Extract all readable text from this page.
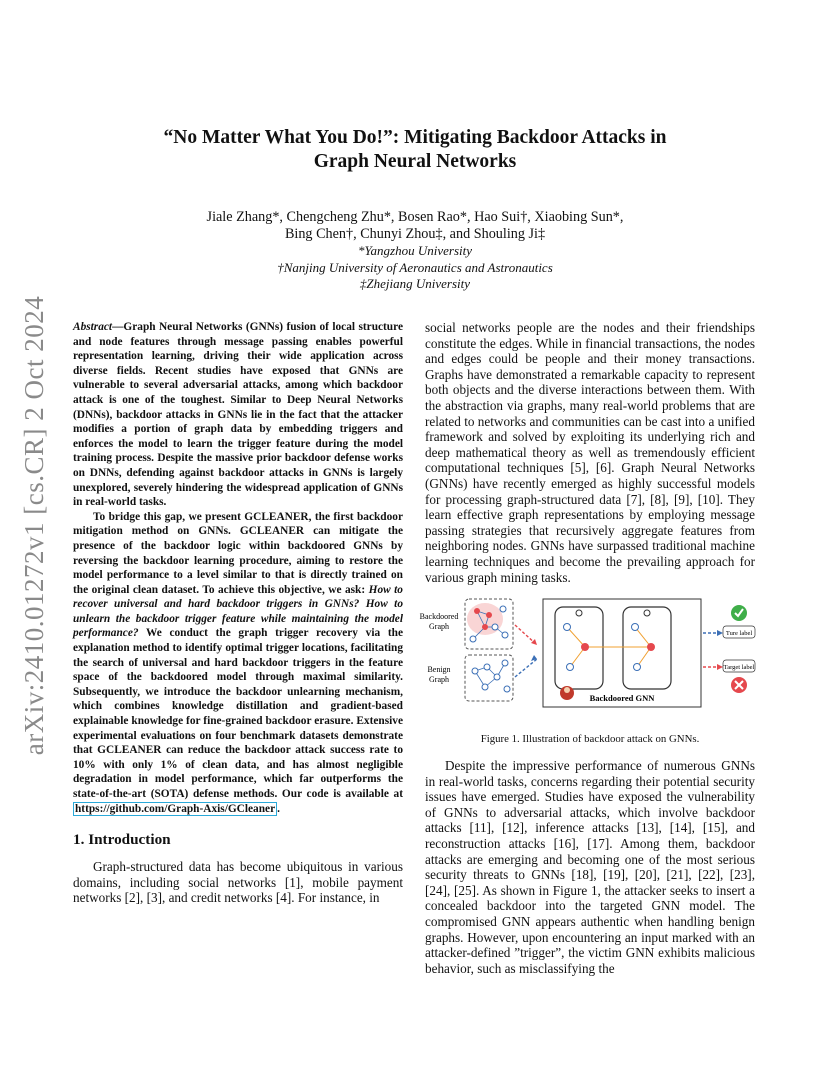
arXiv:2410.01272v1 [cs.CR] 2 Oct 2024
“No Matter What You Do!”: Mitigating Backdoor Attacks in
Graph Neural Networks
Jiale Zhang*, Chengcheng Zhu*, Bosen Rao*, Hao Sui†, Xiaobing Sun*,
Bing Chen†, Chunyi Zhou‡, and Shouling Ji‡
*Yangzhou University
†Nanjing University of Aeronautics and Astronautics
‡Zhejiang University

Abstract—Graph Neural Networks (GNNs) fusion of local structure and node features through message passing enables powerful representation learning, driving their wide application across diverse fields. Recent studies have exposed that GNNs are vulnerable to several adversarial attacks, among which backdoor attack is one of the toughest. Similar to Deep Neural Networks (DNNs), backdoor attacks in GNNs lie in the fact that the attacker modifies a portion of graph data by embedding triggers and enforces the model to learn the trigger feature during the model training process. Despite the massive prior backdoor defense works on DNNs, defending against backdoor attacks in GNNs is largely unexplored, severely hindering the widespread application of GNNs in real-world tasks.

To bridge this gap, we present GCLEANER, the first backdoor mitigation method on GNNs. GCLEANER can mitigate the presence of the backdoor logic within backdoored GNNs by reversing the backdoor learning procedure, aiming to restore the model performance to a level similar to that is directly trained on the original clean dataset. To achieve this objective, we ask: How to recover universal and hard backdoor triggers in GNNs? How to unlearn the backdoor trigger feature while maintaining the model performance? We conduct the graph trigger recovery via the explanation method to identify optimal trigger locations, facilitating the search of universal and hard backdoor triggers in the feature space of the backdoored model through maximal similarity. Subsequently, we introduce the backdoor unlearning mechanism, which combines knowledge distillation and gradient-based explainable knowledge for fine-grained backdoor erasure. Extensive experimental evaluations on four benchmark datasets demonstrate that GCLEANER can reduce the backdoor attack success rate to 10% with only 1% of clean data, and has almost negligible degradation in model performance, which far outperforms the state-of-the-art (SOTA) defense methods. Our code is available at https://github.com/Graph-Axis/GCleaner .

1. Introduction

Graph-structured data has become ubiquitous in various domains, including social networks [1], mobile payment networks [2], [3], and credit networks [4]. For instance, in

social networks people are the nodes and their friendships constitute the edges. While in financial transactions, the nodes and edges could be people and their money transactions. Graphs have demonstrated a remarkable capacity to represent both objects and the diverse interactions between them. With the abstraction via graphs, many real-world problems that are related to networks and communities can be cast into a unified framework and solved by exploiting its underlying rich and deep mathematical theory as well as tremendously efficient computational techniques [5], [6]. Graph Neural Networks (GNNs) have recently emerged as highly successful models for processing graph-structured data [7], [8], [9], [10]. They learn effective graph representations by employing message passing strategies that recursively aggregate features from neighboring nodes. GNNs have surpassed traditional machine learning techniques and become the prevailing approach for various graph mining tasks.

Backdoored
Graph
Benign
Graph
Backdoored GNN
Ture label
Target label
Figure 1. Illustration of backdoor attack on GNNs.

Despite the impressive performance of numerous GNNs in real-world tasks, concerns regarding their potential security issues have emerged. Studies have exposed the vulnerability of GNNs to adversarial attacks, which involve backdoor attacks [11], [12], inference attacks [13], [14], [15], and reconstruction attacks [16], [17]. Among them, backdoor attacks are emerging and becoming one of the most serious security threats to GNNs [18], [19], [20], [21], [22], [23], [24], [25]. As shown in Figure 1, the attacker seeks to insert a concealed backdoor into the targeted GNN model. The compromised GNN appears authentic when handling benign graphs. However, upon encountering an input marked with an attacker-defined ”trigger”, the victim GNN exhibits malicious behavior, such as misclassifying the
